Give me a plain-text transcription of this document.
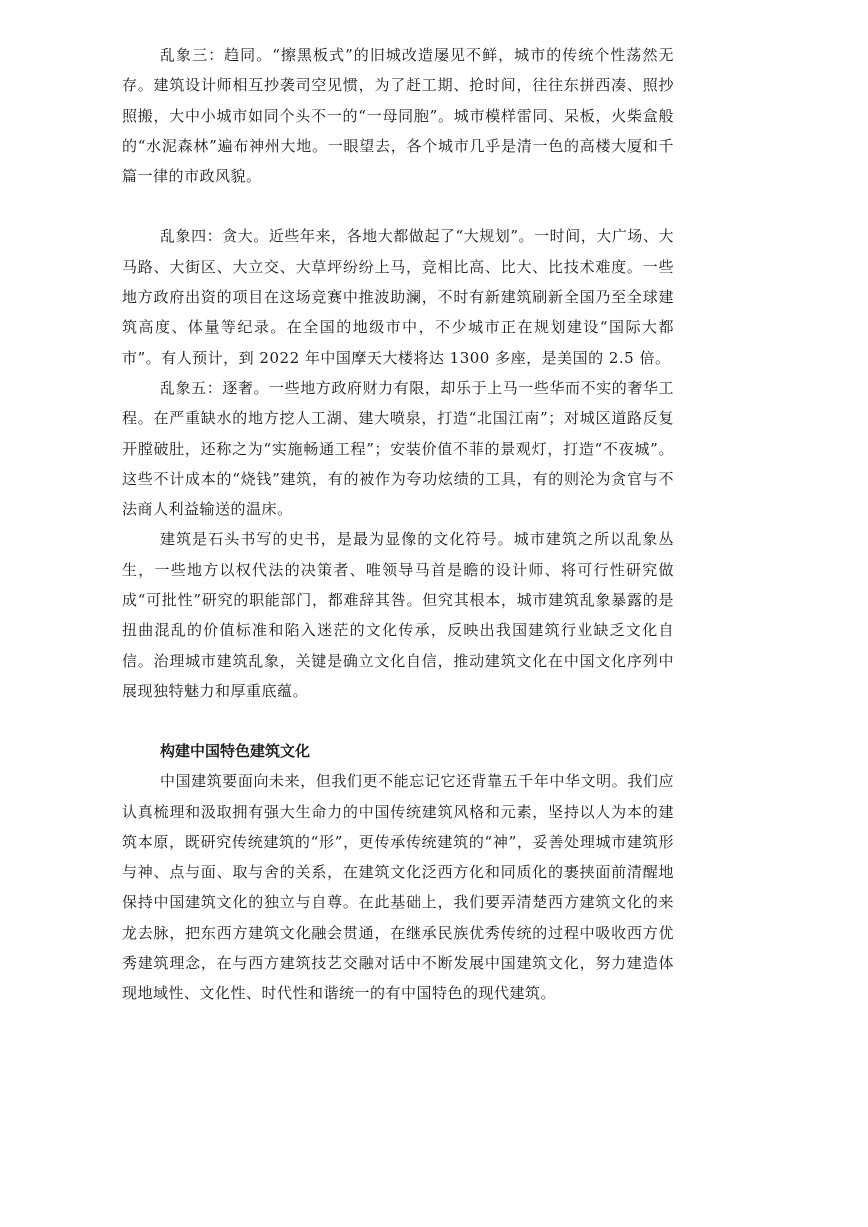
乱象三：趋同。“擦黑板式”的旧城改造屡见不鲜，城市的传统个性荡然无存。建筑设计师相互抄袭司空见惯，为了赶工期、抢时间，往往东拼西凑、照抄照搬，大中小城市如同个头不一的“一母同胞”。城市模样雷同、呆板，火柴盒般的“水泥森林”遍布神州大地。一眼望去，各个城市几乎是清一色的高楼大厦和千篇一律的市政风貌。

乱象四：贪大。近些年来，各地大都做起了“大规划”。一时间，大广场、大马路、大街区、大立交、大草坪纷纷上马，竞相比高、比大、比技术难度。一些地方政府出资的项目在这场竞赛中推波助澜，不时有新建筑刷新全国乃至全球建筑高度、体量等纪录。在全国的地级市中，不少城市正在规划建设“国际大都市”。有人预计，到 2022 年中国摩天大楼将达 1300 多座，是美国的 2.5 倍。

乱象五：逐奢。一些地方政府财力有限，却乐于上马一些华而不实的奢华工程。在严重缺水的地方挖人工湖、建大喷泉，打造“北国江南”；对城区道路反复开膛破肚，还称之为“实施畅通工程”；安装价值不菲的景观灯，打造“不夜城”。这些不计成本的“烧钱”建筑，有的被作为夸功炫绩的工具，有的则沦为贪官与不法商人利益输送的温床。

建筑是石头书写的史书，是最为显像的文化符号。城市建筑之所以乱象丛生，一些地方以权代法的决策者、唯领导马首是瞻的设计师、将可行性研究做成“可批性”研究的职能部门，都难辞其咎。但究其根本，城市建筑乱象暴露的是扭曲混乱的价值标准和陷入迷茫的文化传承，反映出我国建筑行业缺乏文化自信。治理城市建筑乱象，关键是确立文化自信，推动建筑文化在中国文化序列中展现独特魅力和厚重底蕴。

构建中国特色建筑文化

中国建筑要面向未来，但我们更不能忘记它还背靠五千年中华文明。我们应认真梳理和汲取拥有强大生命力的中国传统建筑风格和元素，坚持以人为本的建筑本原，既研究传统建筑的“形”，更传承传统建筑的“神”，妥善处理城市建筑形与神、点与面、取与舍的关系，在建筑文化泛西方化和同质化的裹挟面前清醒地保持中国建筑文化的独立与自尊。在此基础上，我们要弄清楚西方建筑文化的来龙去脉，把东西方建筑文化融会贯通，在继承民族优秀传统的过程中吸收西方优秀建筑理念，在与西方建筑技艺交融对话中不断发展中国建筑文化，努力建造体现地域性、文化性、时代性和谐统一的有中国特色的现代建筑。
